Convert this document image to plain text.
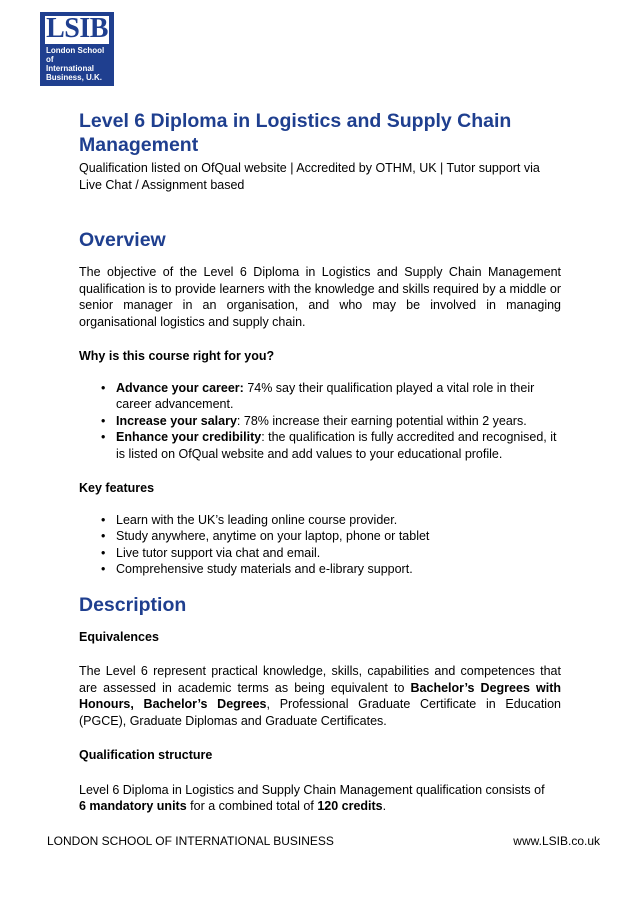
LSIB
London School of
International
Business, U.K.
Level 6 Diploma in Logistics and Supply Chain Management

Qualification listed on OfQual website | Accredited by OTHM, UK | Tutor support via Live Chat / Assignment based

Overview

The objective of the Level 6 Diploma in Logistics and Supply Chain Management qualification is to provide learners with the knowledge and skills required by a middle or senior manager in an organisation, and who may be involved in managing organisational logistics and supply chain.

Why is this course right for you?

• Advance your career: 74% say their qualification played a vital role in their career advancement.
• Increase your salary: 78% increase their earning potential within 2 years.
• Enhance your credibility: the qualification is fully accredited and recognised, it is listed on OfQual website and add values to your educational profile.

Key features

• Learn with the UK’s leading online course provider.
• Study anywhere, anytime on your laptop, phone or tablet
• Live tutor support via chat and email.
• Comprehensive study materials and e-library support.
Description

Equivalences

The Level 6 represent practical knowledge, skills, capabilities and competences that are assessed in academic terms as being equivalent to Bachelor’s Degrees with Honours, Bachelor’s Degrees, Professional Graduate Certificate in Education (PGCE), Graduate Diplomas and Graduate Certificates.

Qualification structure

Level 6 Diploma in Logistics and Supply Chain Management qualification consists of 6 mandatory units for a combined total of 120 credits.

LONDON SCHOOL OF INTERNATIONAL BUSINESS	www.LSIB.co.uk
